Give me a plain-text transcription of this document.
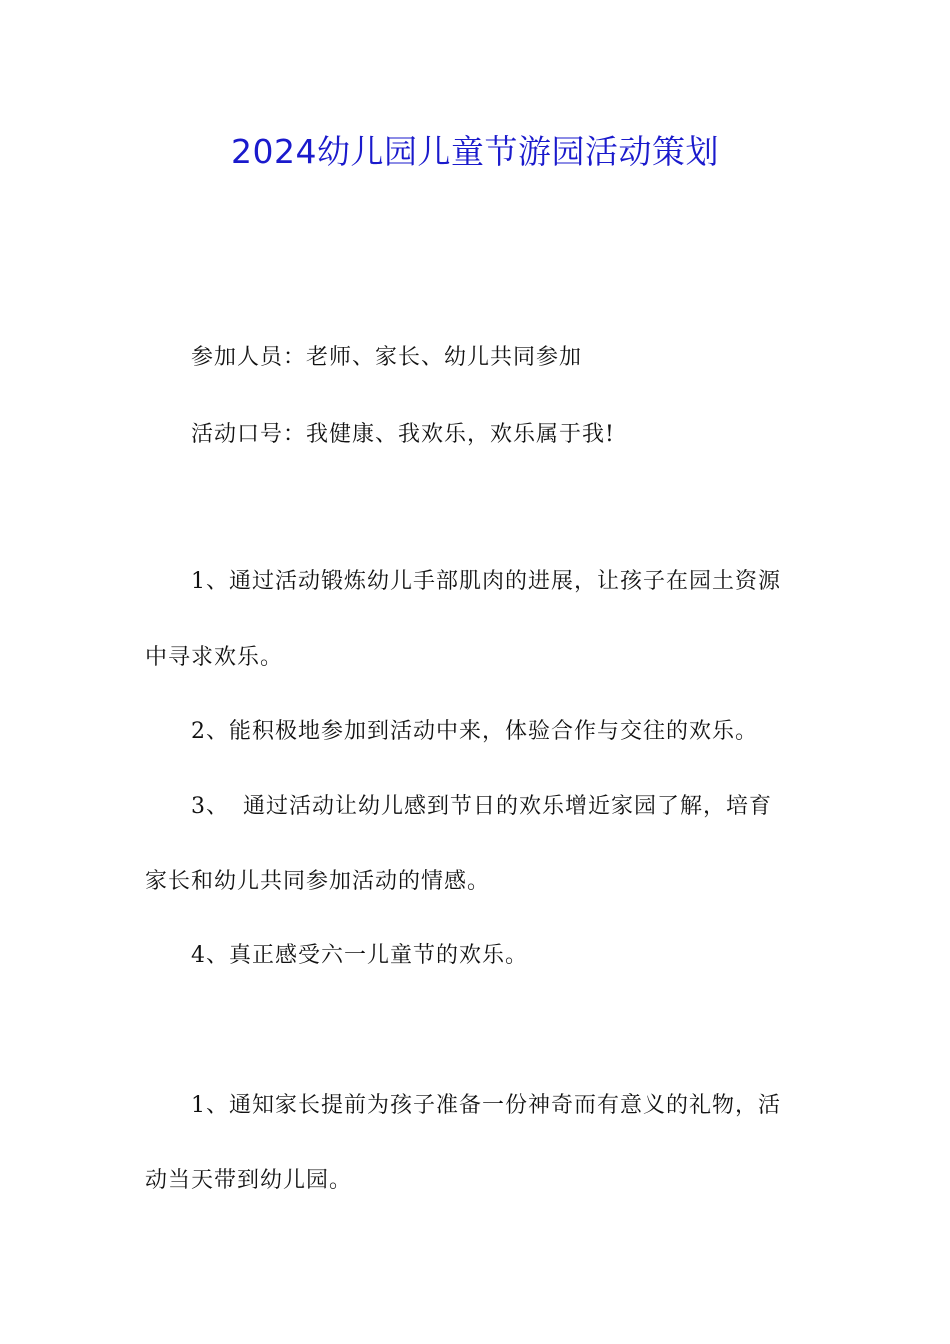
2024幼儿园儿童节游园活动策划
参加人员：老师、家长、幼儿共同参加
活动口号：我健康、我欢乐，欢乐属于我!
1、通过活动锻炼幼儿手部肌肉的进展，让孩子在园土资源
中寻求欢乐。
2、能积极地参加到活动中来，体验合作与交往的欢乐。
3、 通过活动让幼儿感到节日的欢乐增近家园了解，培育
家长和幼儿共同参加活动的情感。
4、真正感受六一儿童节的欢乐。
1、通知家长提前为孩子准备一份神奇而有意义的礼物，活
动当天带到幼儿园。
